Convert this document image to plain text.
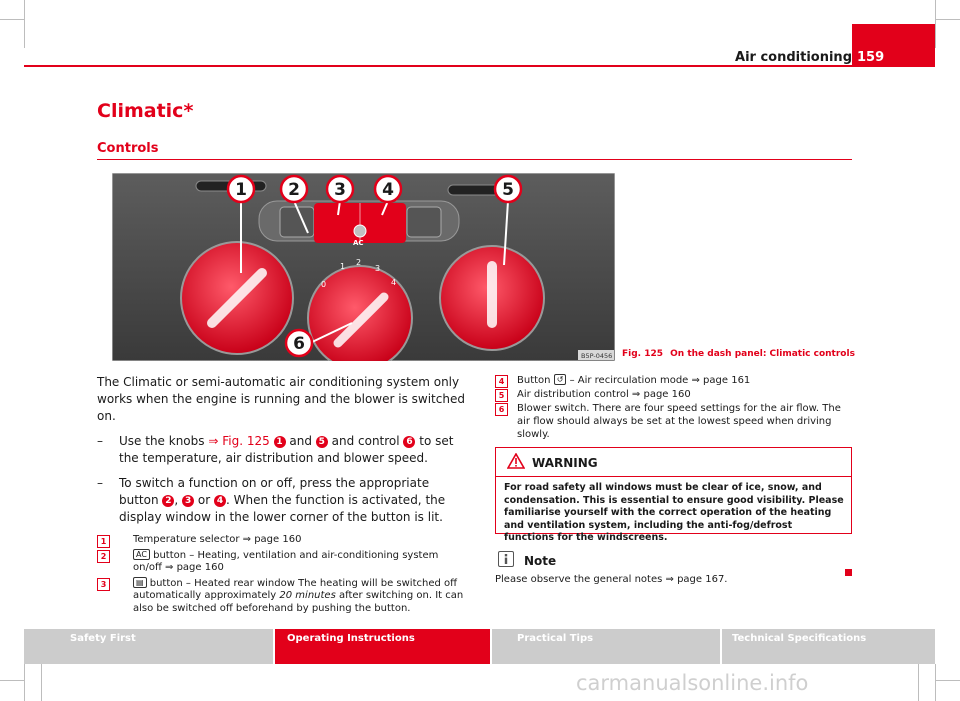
Air conditioning 159
Climatic*
Controls
AC
0
1 2
3
4
1 2 3 4	5
6
B5P-0456 Fig. 125 On the dash panel: Climatic controls

The Climatic or semi-automatic air conditioning system only works when the engine is running and the blower is switched on.

– Use the knobs ⇒ Fig. 125 1 and 5 and control 6 to set the temperature, air distribution and blower speed.
– To switch a function on or off, press the appropriate button 2 , 3 or 4 . When the function is activated, the display window in the lower corner of the button is lit.
1	Temperature selector ⇒ page 160
2	AC button – Heating, ventilation and air-conditioning system on/off ⇒ page 160
3	▤ button – Heated rear window The heating will be switched off automatically approximately 20 minutes after switching on. It can also be switched off beforehand by pushing the button.
4	Button ↺ – Air recirculation mode ⇒ page 161
5	Air distribution control ⇒ page 160
6	Blower switch. There are four speed settings for the air flow. The air flow should always be set at the lowest speed when driving slowly.
WARNING
For road safety all windows must be clear of ice, snow, and condensation. This is essential to ensure good visibility. Please familiarise yourself with the correct operation of the heating and ventilation system, including the anti-fog/defrost functions for the windscreens.
Note
Please observe the general notes ⇒ page 167.
Safety First	Operating Instructions	Practical Tips	Technical Specifications
carmanualsonline.info
